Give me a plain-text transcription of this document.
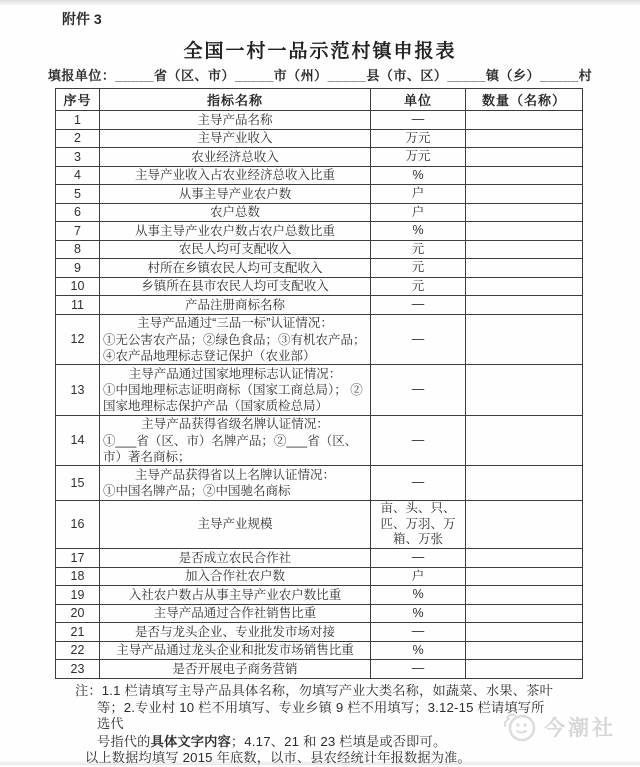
附件 3
全国一村一品示范村镇申报表
填报单位：_____省（区、市）_____市（州）_____县（市、区）_____镇（乡）_____村
序号	指标名称	单位	数量（名称）
1	主导产品名称	—	
2	主导产业收入	万元	
3	农业经济总收入	万元	
4	主导产业收入占农业经济总收入比重	%	
5	从事主导产业农户数	户	
6	农户总数	户	
7	从事主导产业农户数占农户总数比重	%	
8	农民人均可支配收入	元	
9	村所在乡镇农民人均可支配收入	元	
10	乡镇所在县市农民人均可支配收入	元	
11	产品注册商标名称	—	
12	主导产品通过“三品一标”认证情况：
①无公害农产品；②绿色食品；③有机农产品；④农产品地理标志登记保护（农业部）	—	
13	主导产品通过国家地理标志认证情况：
①中国地理标志证明商标（国家工商总局）； ②国家地理标志保护产品（国家质检总局）	—	
14	主导产品获得省级名牌认证情况：
①___省（区、市）名牌产品；②___省（区、市）著名商标；	—	
15	主导产品获得省以上名牌认证情况：
①中国名牌产品；②中国驰名商标	—	
16	主导产业规模	亩、头、只、匹、万羽、万箱、万张	
17	是否成立农民合作社	—	
18	加入合作社农户数	户	
19	入社农户数占从事主导产业农户数比重	%	
20	主导产品通过合作社销售比重	%	
21	是否与龙头企业、专业批发市场对接	—	
22	主导产品通过龙头企业和批发市场销售比重	%	
23	是否开展电子商务营销	—	
注：1.1 栏请填写主导产品具体名称，勿填写产业大类名称，如蔬菜、水果、茶叶
等；2.专业村 10 栏不用填写、专业乡镇 9 栏不用填写；3.12-15 栏请填写所选代
号指代的具体文字内容；4.17、21 和 23 栏填是或否即可。
以上数据均填写 2015 年底数，以市、县农经统计年报数据为准。
今潮社
